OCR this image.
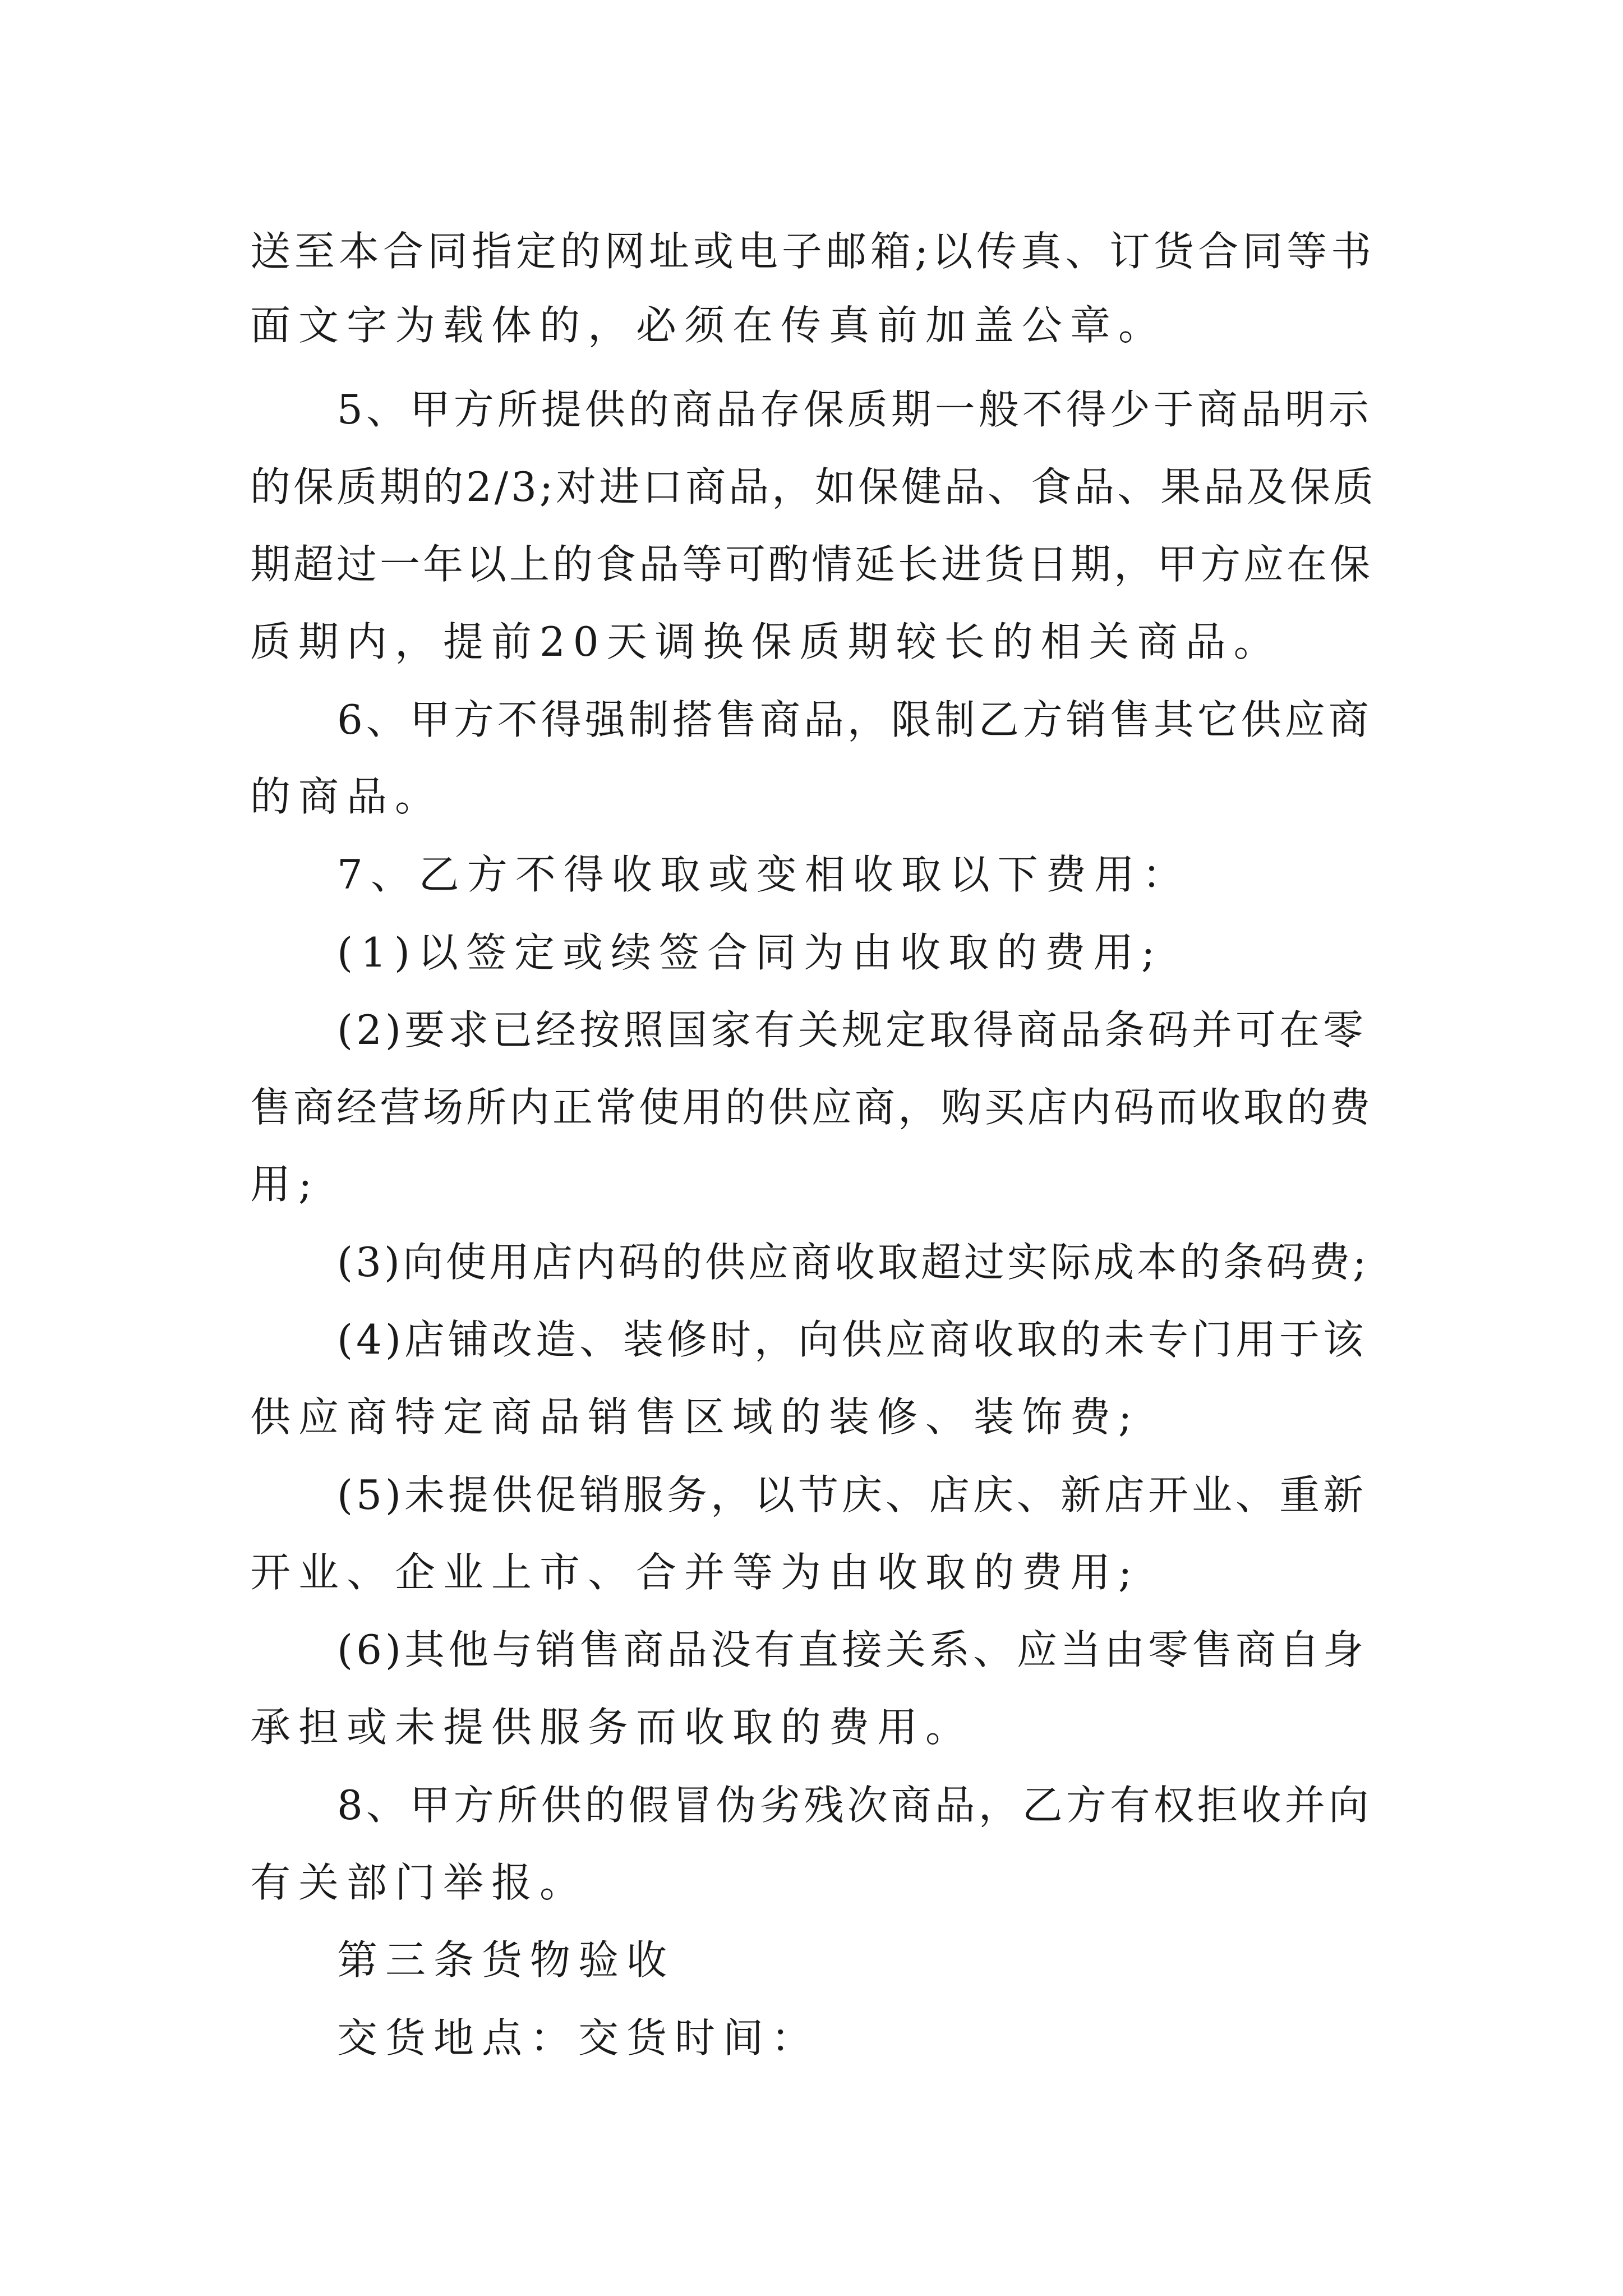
送至本合同指定的网址或电子邮箱;以传真、订货合同等书
面文字为载体的，必须在传真前加盖公章。
5、甲方所提供的商品存保质期一般不得少于商品明示
的保质期的2/3;对进口商品，如保健品、食品、果品及保质
期超过一年以上的食品等可酌情延长进货日期，甲方应在保
质期内，提前20天调换保质期较长的相关商品。
6、甲方不得强制搭售商品，限制乙方销售其它供应商
的商品。
7、乙方不得收取或变相收取以下费用：
(1)以签定或续签合同为由收取的费用;
(2)要求已经按照国家有关规定取得商品条码并可在零
售商经营场所内正常使用的供应商，购买店内码而收取的费
用;
(3)向使用店内码的供应商收取超过实际成本的条码费;
(4)店铺改造、装修时，向供应商收取的未专门用于该
供应商特定商品销售区域的装修、装饰费;
(5)未提供促销服务，以节庆、店庆、新店开业、重新
开业、企业上市、合并等为由收取的费用;
(6)其他与销售商品没有直接关系、应当由零售商自身
承担或未提供服务而收取的费用。
8、甲方所供的假冒伪劣残次商品，乙方有权拒收并向
有关部门举报。
第三条货物验收
交货地点：交货时间：
